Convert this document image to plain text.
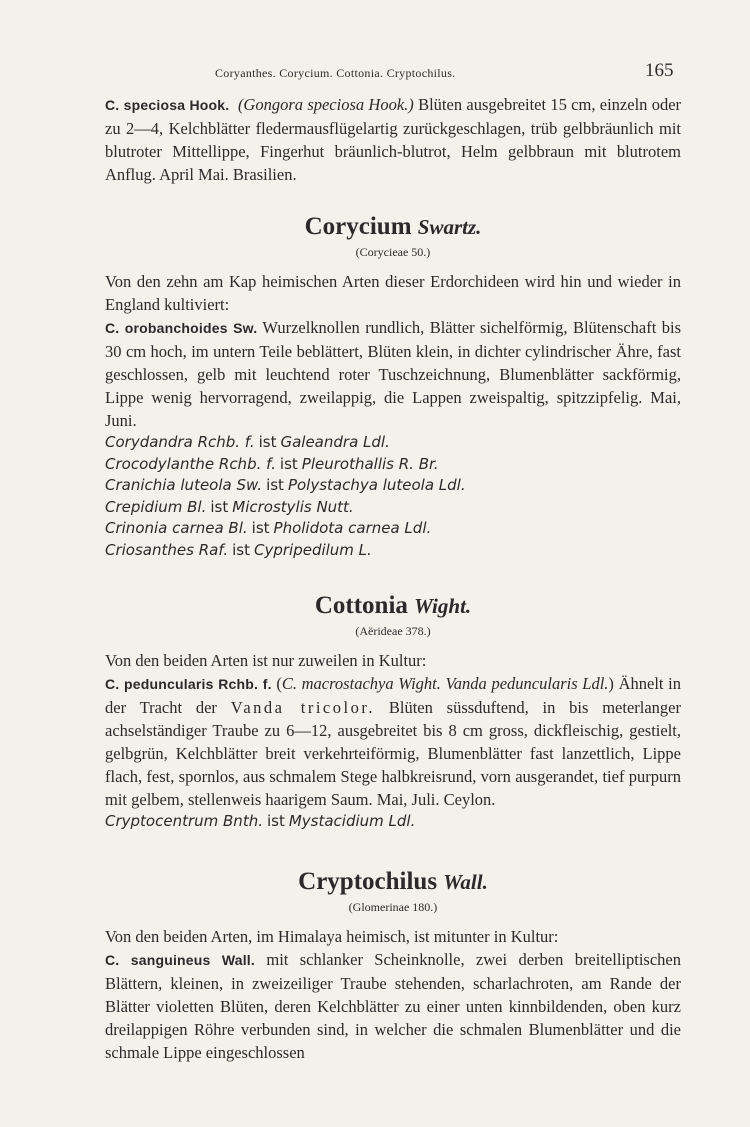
Coryanthes. Corycium. Cottonia. Cryptochilus.	165

C. speciosa Hook. (Gongora speciosa Hook.) Blüten ausgebreitet 15 cm, einzeln oder zu 2—4, Kelchblätter fledermausflügelartig zurückgeschlagen, trüb gelbbräunlich mit blutroter Mittellippe, Fingerhut bräunlich-blutrot, Helm gelbbraun mit blutrotem Anflug. April Mai. Brasilien.

Corycium Swartz.

(Corycieae 50.)

Von den zehn am Kap heimischen Arten dieser Erdorchideen wird hin und wieder in England kultiviert:

C. orobanchoides Sw. Wurzelknollen rundlich, Blätter sichelförmig, Blütenschaft bis 30 cm hoch, im untern Teile beblättert, Blüten klein, in dichter cylindrischer Ähre, fast geschlossen, gelb mit leuchtend roter Tuschzeichnung, Blumenblätter sackförmig, Lippe wenig hervorragend, zweilappig, die Lappen zweispaltig, spitzzipfelig. Mai, Juni.

Corydandra Rchb. f. ist Galeandra Ldl.
Crocodylanthe Rchb. f. ist Pleurothallis R. Br.
Cranichia luteola Sw. ist Polystachya luteola Ldl.
Crepidium Bl. ist Microstylis Nutt.
Crinonia carnea Bl. ist Pholidota carnea Ldl.
Criosanthes Raf. ist Cypripedilum L.
Cottonia Wight.

(Aërideae 378.)

Von den beiden Arten ist nur zuweilen in Kultur:

C. peduncularis Rchb. f. (C. macrostachya Wight. Vanda peduncularis Ldl.) Ähnelt in der Tracht der Vanda tricolor. Blüten süssduftend, in bis meterlanger achselständiger Traube zu 6—12, ausgebreitet bis 8 cm gross, dickfleischig, gestielt, gelbgrün, Kelchblätter breit verkehrteiförmig, Blumenblätter fast lanzettlich, Lippe flach, fest, spornlos, aus schmalem Stege halbkreisrund, vorn ausgerandet, tief purpurn mit gelbem, stellenweis haarigem Saum. Mai, Juli. Ceylon.

Cryptocentrum Bnth. ist Mystacidium Ldl.
Cryptochilus Wall.

(Glomerinae 180.)

Von den beiden Arten, im Himalaya heimisch, ist mitunter in Kultur:

C. sanguineus Wall. mit schlanker Scheinknolle, zwei derben breitelliptischen Blättern, kleinen, in zweizeiliger Traube stehenden, scharlachroten, am Rande der Blätter violetten Blüten, deren Kelchblätter zu einer unten kinnbildenden, oben kurz dreilappigen Röhre verbunden sind, in welcher die schmalen Blumenblätter und die schmale Lippe eingeschlossen
